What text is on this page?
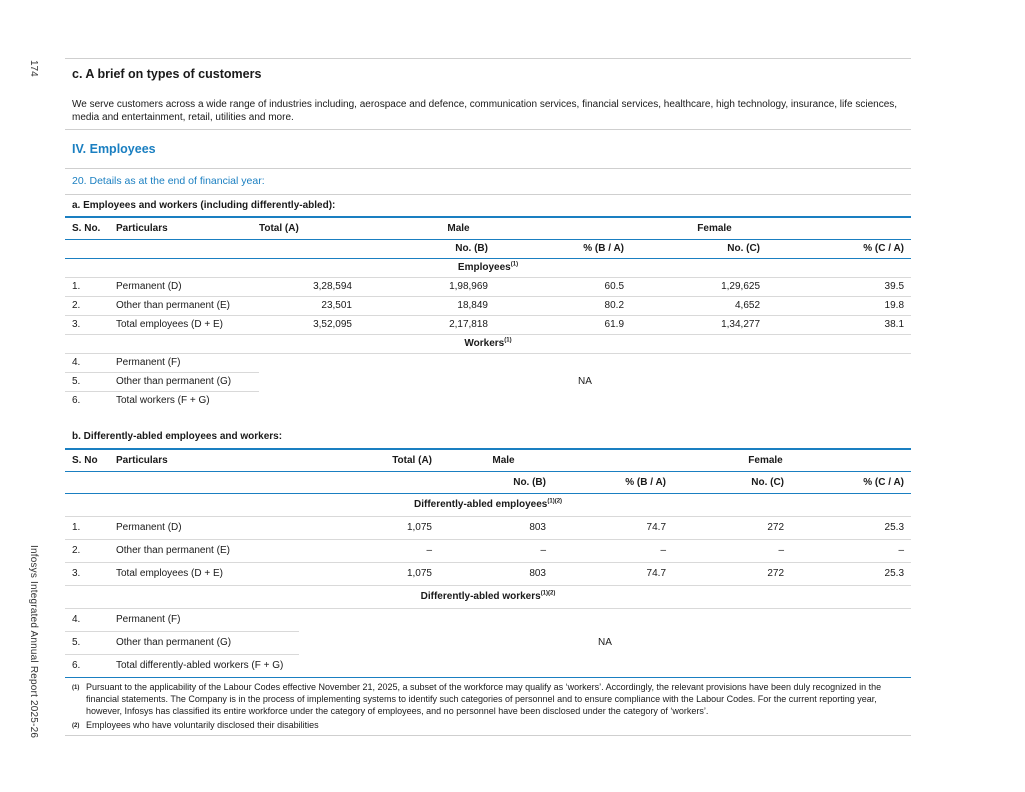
174
Infosys Integrated Annual Report 2025-26
c. A brief on types of customers
We serve customers across a wide range of industries including, aerospace and defence, communication services, financial services, healthcare, high technology, insurance, life sciences, media and entertainment, retail, utilities and more.
IV. Employees
20. Details as at the end of financial year:
a. Employees and workers (including differently-abled):
S. No.	Particulars	Total (A)	Male		Female	
			No. (B)	% (B / A)	No. (C)	% (C / A)
Employees$^{(1)}$
1.	Permanent (D)	3,28,594	1,98,969	60.5	1,29,625	39.5
2.	Other than permanent (E)	23,501	18,849	80.2	4,652	19.8
3.	Total employees (D + E)	3,52,095	2,17,818	61.9	1,34,277	38.1
Workers$^{(1)}$
4.	Permanent (F)	NA				
5.	Other than permanent (G)					
6.	Total workers (F + G)					
b. Differently-abled employees and workers:
S. No	Particulars	Total (A)	Male		Female	
			No. (B)	% (B / A)	No. (C)	% (C / A)
Differently-abled employees$^{(1)(2)}$
1.	Permanent (D)	1,075	803	74.7	272	25.3
2.	Other than permanent (E)	–	–	–	–	–
3.	Total employees (D + E)	1,075	803	74.7	272	25.3
Differently-abled workers$^{(1)(2)}$
4.	Permanent (F)	NA				
5.	Other than permanent (G)					
6.	Total differently-abled workers (F + G)					
(1) Pursuant to the applicability of the Labour Codes effective November 21, 2025, a subset of the workforce may qualify as ‘workers’. Accordingly, the relevant provisions have been duly recognized in the financial statements. The Company is in the process of implementing systems to identify such categories of personnel and to ensure compliance with the Labour Codes. For the current reporting year, however, Infosys has classified its entire workforce under the category of employees, and no personnel have been disclosed under the category of ‘workers’.
(2) Employees who have voluntarily disclosed their disabilities
